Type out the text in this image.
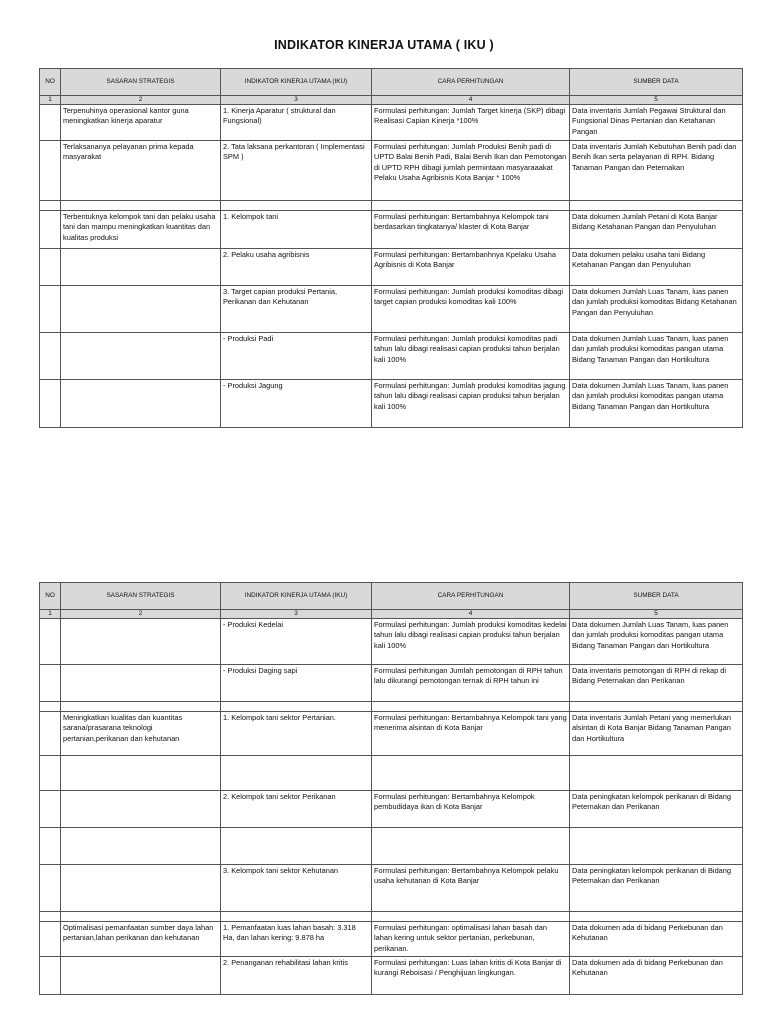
INDIKATOR KINERJA UTAMA ( IKU )
NO	SASARAN STRATEGIS	INDIKATOR KINERJA UTAMA (IKU)	CARA PERHITUNGAN	SUMBER DATA
1	2	3	4	5
	Terpenuhinya operasional kantor guna meningkatkan kinerja aparatur	1. Kinerja Aparatur ( struktural dan Fungsional)	Formulasi perhitungan: Jumlah Target kinerja (SKP) dibagi Realisasi Capian Kinerja *100%	Data inventaris Jumlah Pegawai Struktural dan Fungsional Dinas Pertanian dan Ketahanan Pangan
	Terlaksananya pelayanan prima kepada masyarakat	2. Tata laksana perkantoran ( Implementasi SPM )	Formulasi perhitungan: Jumlah Produksi Benih padi di UPTD Balai Benih Padi, Balai Benih Ikan dan Pemotongan di UPTD RPH dibagi jumlah permintaan masyaraaakat Pelaku Usaha Agribisnis Kota Banjar * 100%	Data inventaris Jumlah Kebutuhan Benih padi dan Benih Ikan serta pelayanan di RPH. Bidang Tanaman Pangan dan Peternakan

	Terbentuknya kelompok tani dan pelaku usaha tani dan mampu meningkatkan kuantitas dan kualitas produksi	1. Kelompok tani	Formulasi perhitungan: Bertambahnya Kelompok tani berdasarkan tingkatanya/ klaster di Kota Banjar	Data dokumen Jumlah Petani di Kota Banjar Bidang Ketahanan Pangan dan Penyuluhan
		2. Pelaku usaha agribisnis	Formulasi perhitungan: Bertambanhnya Kpelaku Usaha Agribisnis di Kota Banjar	Data dokumen pelaku usaha tani Bidang Ketahanan Pangan dan Penyuluhan
		3. Target capian produksi Pertania, Perikanan dan Kehutanan	Formulasi perhitungan: Jumlah produksi komoditas dibagi target capian produksi komoditas kali 100%	Data dokumen Jumlah Luas Tanam, luas panen dan jumlah produksi komoditas Bidang Ketahanan Pangan dan Penyuluhan
		- Produksi Padi	Formulasi perhitungan: Jumlah produksi komoditas padi tahun lalu dibagi realisasi capian produksi tahun berjalan kali 100%	Data dokumen Jumlah Luas Tanam, luas panen dan jumlah produksi komoditas pangan utama Bidang Tanaman Pangan dan Hortikultura
		- Produksi Jagung	Formulasi perhitungan: Jumlah produksi komoditas jagung tahun lalu dibagi realisasi capian produksi tahun berjalan kali 100%	Data dokumen Jumlah Luas Tanam, luas panen dan jumlah produksi komoditas pangan utama Bidang Tanaman Pangan dan Hortikultura
NO	SASARAN STRATEGIS	INDIKATOR KINERJA UTAMA (IKU)	CARA PERHITUNGAN	SUMBER DATA
1	2	3	4	5
		- Produksi Kedelai	Formulasi perhitungan: Jumlah produksi komoditas kedelai tahun lalu dibagi realisasi capian produksi tahun berjalan kali 100%	Data dokumen Jumlah Luas Tanam, luas panen dan jumlah produksi komoditas pangan utama Bidang Tanaman Pangan dan Hortikultura
		- Produksi Daging sapi	Formulasi perhitungan Jumlah pemotongan di RPH tahun lalu dikurangi pemotongan ternak di RPH tahun ini	Data inventaris pemotongan di RPH di rekap di Bidang Peternakan dan Perikanan

	Meningkatkan kualitas dan kuantitas sarana/prasarana teknologi pertanian,perikanan dan kehutanan	1. Kelompok tani sektor Pertanian.	Formulasi perhitungan: Bertambahnya Kelompok tani yang menerima alsintan di Kota Banjar	Data inventaris Jumlah Petani yang memerlukan alsintan di Kota Banjar Bidang Tanaman Pangan dan Hortikultura

		2. Kelompok tani sektor Perikanan	Formulasi perhitungan: Bertambahnya Kelompok pembudidaya ikan di Kota Banjar	Data peningkatan kelompok perikanan di Bidang Peternakan dan Perikanan

		3. Kelompok tani sektor Kehutanan	Formulasi perhitungan: Bertambahnya Kelompok pelaku usaha kehutanan di Kota Banjar	Data peningkatan kelompok perikanan di Bidang Peternakan dan Perikanan

	Optimalisasi pemanfaatan sumber daya lahan pertanian,lahan perikanan dan kehutanan	1. Pemanfaatan luas lahan basah: 3.318 Ha, dan lahan kering: 9.878 ha	Formulasi perhitungan: optimalisasi lahan basah dan lahan kering untuk sektor pertanian, perkebunan, perikanan.	Data dokumen ada di bidang Perkebunan dan Kehutanan
		2. Penanganan rehabilitasi lahan kritis	Formulasi perhitungan: Luas lahan kritis di Kota Banjar di kurangi Reboisasi / Penghijuan lingkungan.	Data dokumen ada di bidang Perkebunan dan Kehutanan
